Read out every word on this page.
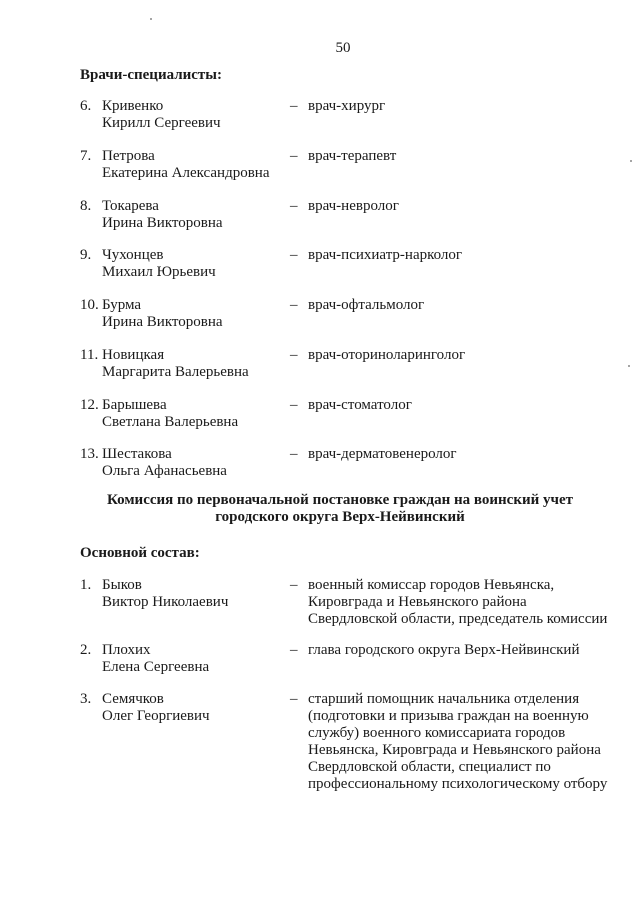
50
Врачи-специалисты:
6. Кривенко
Кирилл Сергеевич
– врач-хирург
7. Петрова
Екатерина Александровна
– врач-терапевт
8. Токарева
Ирина Викторовна
– врач-невролог
9. Чухонцев
Михаил Юрьевич
– врач-психиатр-нарколог
10. Бурма
Ирина Викторовна
– врач-офтальмолог
11. Новицкая
Маргарита Валерьевна
– врач-оториноларинголог
12. Барышева
Светлана Валерьевна
– врач-стоматолог
13. Шестакова
Ольга Афанасьевна
– врач-дерматовенеролог
Комиссия по первоначальной постановке граждан на воинский учет
городского округа Верх-Нейвинский
Основной состав:
1. Быков
Виктор Николаевич
– военный комиссар городов Невьянска,
Кировграда и Невьянского района
Свердловской области, председатель комиссии
2. Плохих
Елена Сергеевна
– глава городского округа Верх-Нейвинский
3. Семячков
Олег Георгиевич
– старший помощник начальника отделения
(подготовки и призыва граждан на военную
службу) военного комиссариата городов
Невьянска, Кировграда и Невьянского района
Свердловской области, специалист по
профессиональному психологическому отбору
